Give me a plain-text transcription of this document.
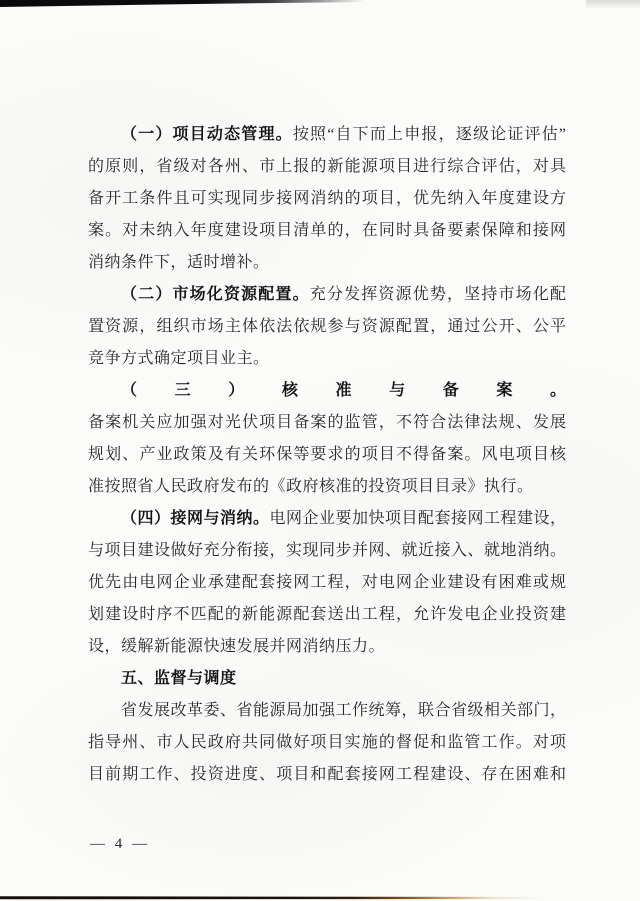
（一）项目动态管理。按照“自下而上申报，逐级论证评估”
的原则，省级对各州、市上报的新能源项目进行综合评估，对具
备开工条件且可实现同步接网消纳的项目，优先纳入年度建设方
案。对未纳入年度建设项目清单的，在同时具备要素保障和接网
消纳条件下，适时增补。
（二）市场化资源配置。充分发挥资源优势，坚持市场化配
置资源，组织市场主体依法依规参与资源配置，通过公开、公平
竞争方式确定项目业主。
（三）核准与备案。
备案机关应加强对光伏项目备案的监管，不符合法律法规、发展
规划、产业政策及有关环保等要求的项目不得备案。风电项目核
准按照省人民政府发布的《政府核准的投资项目目录》执行。
（四）接网与消纳。电网企业要加快项目配套接网工程建设，
与项目建设做好充分衔接，实现同步并网、就近接入、就地消纳。
优先由电网企业承建配套接网工程，对电网企业建设有困难或规
划建设时序不匹配的新能源配套送出工程，允许发电企业投资建
设，缓解新能源快速发展并网消纳压力。
五、监督与调度
省发展改革委、省能源局加强工作统筹，联合省级相关部门，
指导州、市人民政府共同做好项目实施的督促和监管工作。对项
目前期工作、投资进度、项目和配套接网工程建设、存在困难和
— 4 —
